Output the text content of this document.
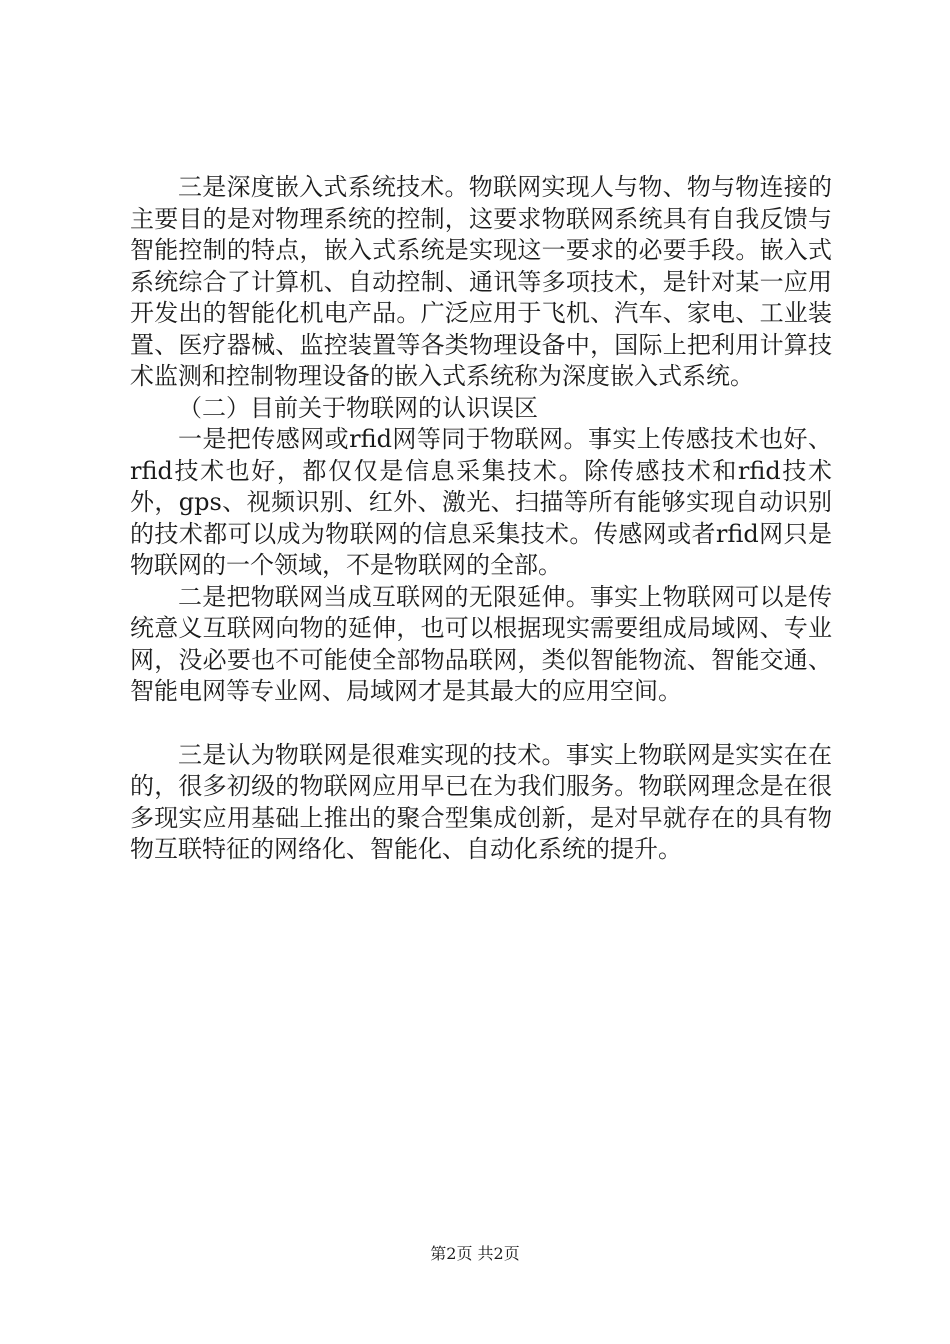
三是深度嵌入式系统技术。物联网实现人与物、物与物连接的主要目的是对物理系统的控制，这要求物联网系统具有自我反馈与智能控制的特点，嵌入式系统是实现这一要求的必要手段。嵌入式系统综合了计算机、自动控制、通讯等多项技术，是针对某一应用开发出的智能化机电产品。广泛应用于飞机、汽车、家电、工业装置、医疗器械、监控装置等各类物理设备中，国际上把利用计算技术监测和控制物理设备的嵌入式系统称为深度嵌入式系统。

（二）目前关于物联网的认识误区

一是把传感网或rfid网等同于物联网。事实上传感技术也好、rfid技术也好，都仅仅是信息采集技术。除传感技术和rfid技术外，gps、视频识别、红外、激光、扫描等所有能够实现自动识别的技术都可以成为物联网的信息采集技术。传感网或者rfid网只是物联网的一个领域，不是物联网的全部。

二是把物联网当成互联网的无限延伸。事实上物联网可以是传统意义互联网向物的延伸，也可以根据现实需要组成局域网、专业网，没必要也不可能使全部物品联网，类似智能物流、智能交通、智能电网等专业网、局域网才是其最大的应用空间。

三是认为物联网是很难实现的技术。事实上物联网是实实在在的，很多初级的物联网应用早已在为我们服务。物联网理念是在很多现实应用基础上推出的聚合型集成创新，是对早就存在的具有物物互联特征的网络化、智能化、自动化系统的提升。

第2页 共2页
